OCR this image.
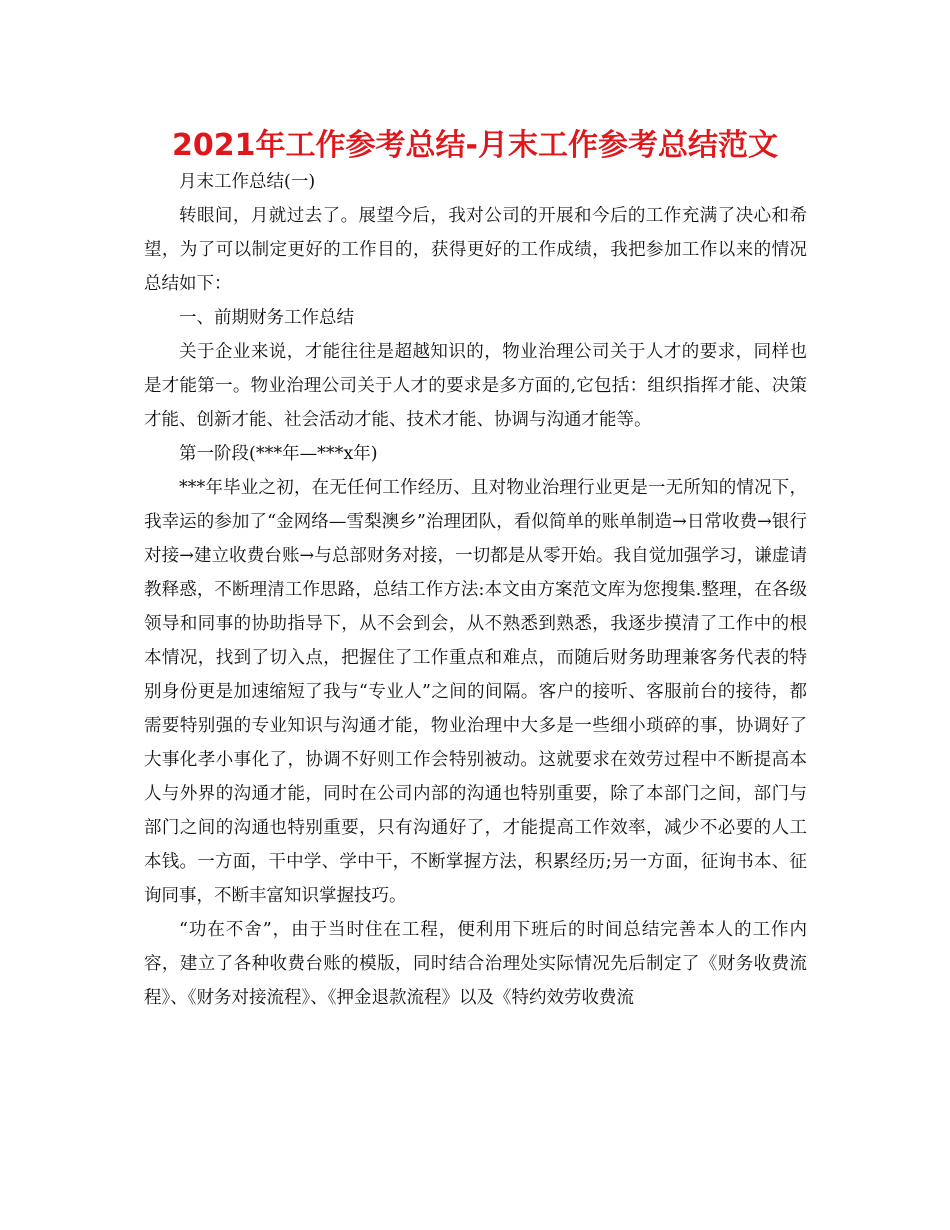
2021年工作参考总结-月末工作参考总结范文

月末工作总结(一)

转眼间，月就过去了。展望今后，我对公司的开展和今后的工作充满了决心和希望，为了可以制定更好的工作目的，获得更好的工作成绩，我把参加工作以来的情况总结如下：

一、前期财务工作总结

关于企业来说，才能往往是超越知识的，物业治理公司关于人才的要求，同样也是才能第一。物业治理公司关于人才的要求是多方面的,它包括：组织指挥才能、决策才能、创新才能、社会活动才能、技术才能、协调与沟通才能等。

第一阶段(***年—***x年)

***年毕业之初，在无任何工作经历、且对物业治理行业更是一无所知的情况下，我幸运的参加了“金网络—雪梨澳乡”治理团队，看似简单的账单制造→日常收费→银行对接→建立收费台账→与总部财务对接，一切都是从零开始。我自觉加强学习，谦虚请教释惑，不断理清工作思路，总结工作方法:本文由方案范文库为您搜集.整理，在各级领导和同事的协助指导下，从不会到会，从不熟悉到熟悉，我逐步摸清了工作中的根本情况，找到了切入点，把握住了工作重点和难点，而随后财务助理兼客务代表的特别身份更是加速缩短了我与“专业人”之间的间隔。客户的接听、客服前台的接待，都需要特别强的专业知识与沟通才能，物业治理中大多是一些细小琐碎的事，协调好了大事化孝小事化了，协调不好则工作会特别被动。这就要求在效劳过程中不断提高本人与外界的沟通才能，同时在公司内部的沟通也特别重要，除了本部门之间，部门与部门之间的沟通也特别重要，只有沟通好了，才能提高工作效率，减少不必要的人工本钱。一方面，干中学、学中干，不断掌握方法，积累经历;另一方面，征询书本、征询同事，不断丰富知识掌握技巧。

“功在不舍”，由于当时住在工程，便利用下班后的时间总结完善本人的工作内容，建立了各种收费台账的模版，同时结合治理处实际情况先后制定了《财务收费流程》、《财务对接流程》、《押金退款流程》以及《特约效劳收费流
